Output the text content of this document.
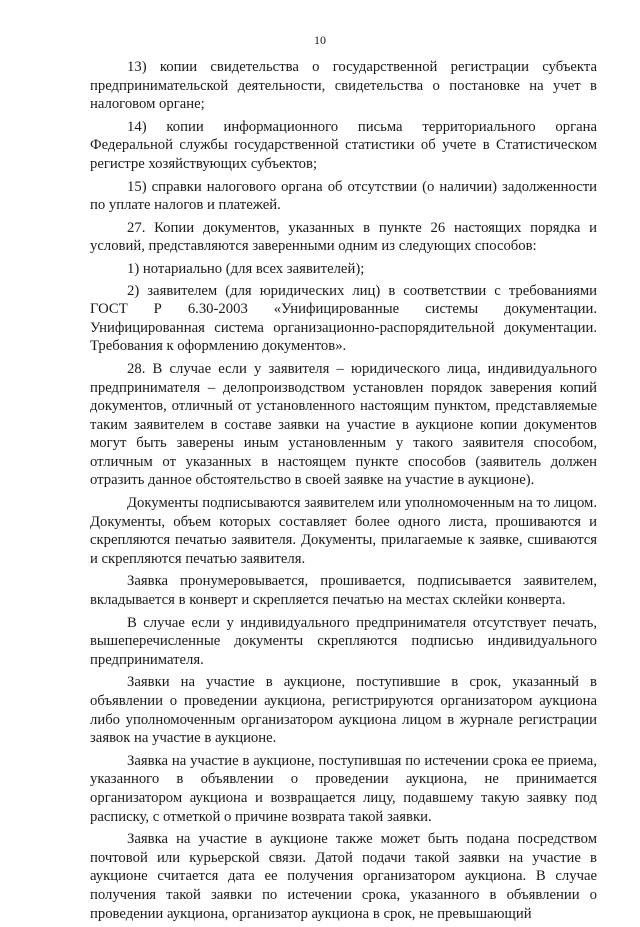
10

13) копии свидетельства о государственной регистрации субъекта предпринимательской деятельности, свидетельства о постановке на учет в налоговом органе;

14) копии информационного письма территориального органа Федеральной службы государственной статистики об учете в Статистическом регистре хозяйствующих субъектов;

15) справки налогового органа об отсутствии (о наличии) задолженности по уплате налогов и платежей.

27. Копии документов, указанных в пункте 26 настоящих порядка и условий, представляются заверенными одним из следующих способов:

1) нотариально (для всех заявителей);

2) заявителем (для юридических лиц) в соответствии с требованиями ГОСТ Р 6.30-2003 «Унифицированные системы документации. Унифицированная система организационно-распорядительной документации. Требования к оформлению документов».

28. В случае если у заявителя – юридического лица, индивидуального предпринимателя – делопроизводством установлен порядок заверения копий документов, отличный от установленного настоящим пунктом, представляемые таким заявителем в составе заявки на участие в аукционе копии документов могут быть заверены иным установленным у такого заявителя способом, отличным от указанных в настоящем пункте способов (заявитель должен отразить данное обстоятельство в своей заявке на участие в аукционе).

Документы подписываются заявителем или уполномоченным на то лицом. Документы, объем которых составляет более одного листа, прошиваются и скрепляются печатью заявителя. Документы, прилагаемые к заявке, сшиваются и скрепляются печатью заявителя.

Заявка пронумеровывается, прошивается, подписывается заявителем, вкладывается в конверт и скрепляется печатью на местах склейки конверта.

В случае если у индивидуального предпринимателя отсутствует печать, вышеперечисленные документы скрепляются подписью индивидуального предпринимателя.

Заявки на участие в аукционе, поступившие в срок, указанный в объявлении о проведении аукциона, регистрируются организатором аукциона либо уполномоченным организатором аукциона лицом в журнале регистрации заявок на участие в аукционе.

Заявка на участие в аукционе, поступившая по истечении срока ее приема, указанного в объявлении о проведении аукциона, не принимается организатором аукциона и возвращается лицу, подавшему такую заявку под расписку, с отметкой о причине возврата такой заявки.

Заявка на участие в аукционе также может быть подана посредством почтовой или курьерской связи. Датой подачи такой заявки на участие в аукционе считается дата ее получения организатором аукциона. В случае получения такой заявки по истечении срока, указанного в объявлении о проведении аукциона, организатор аукциона в срок, не превышающий
